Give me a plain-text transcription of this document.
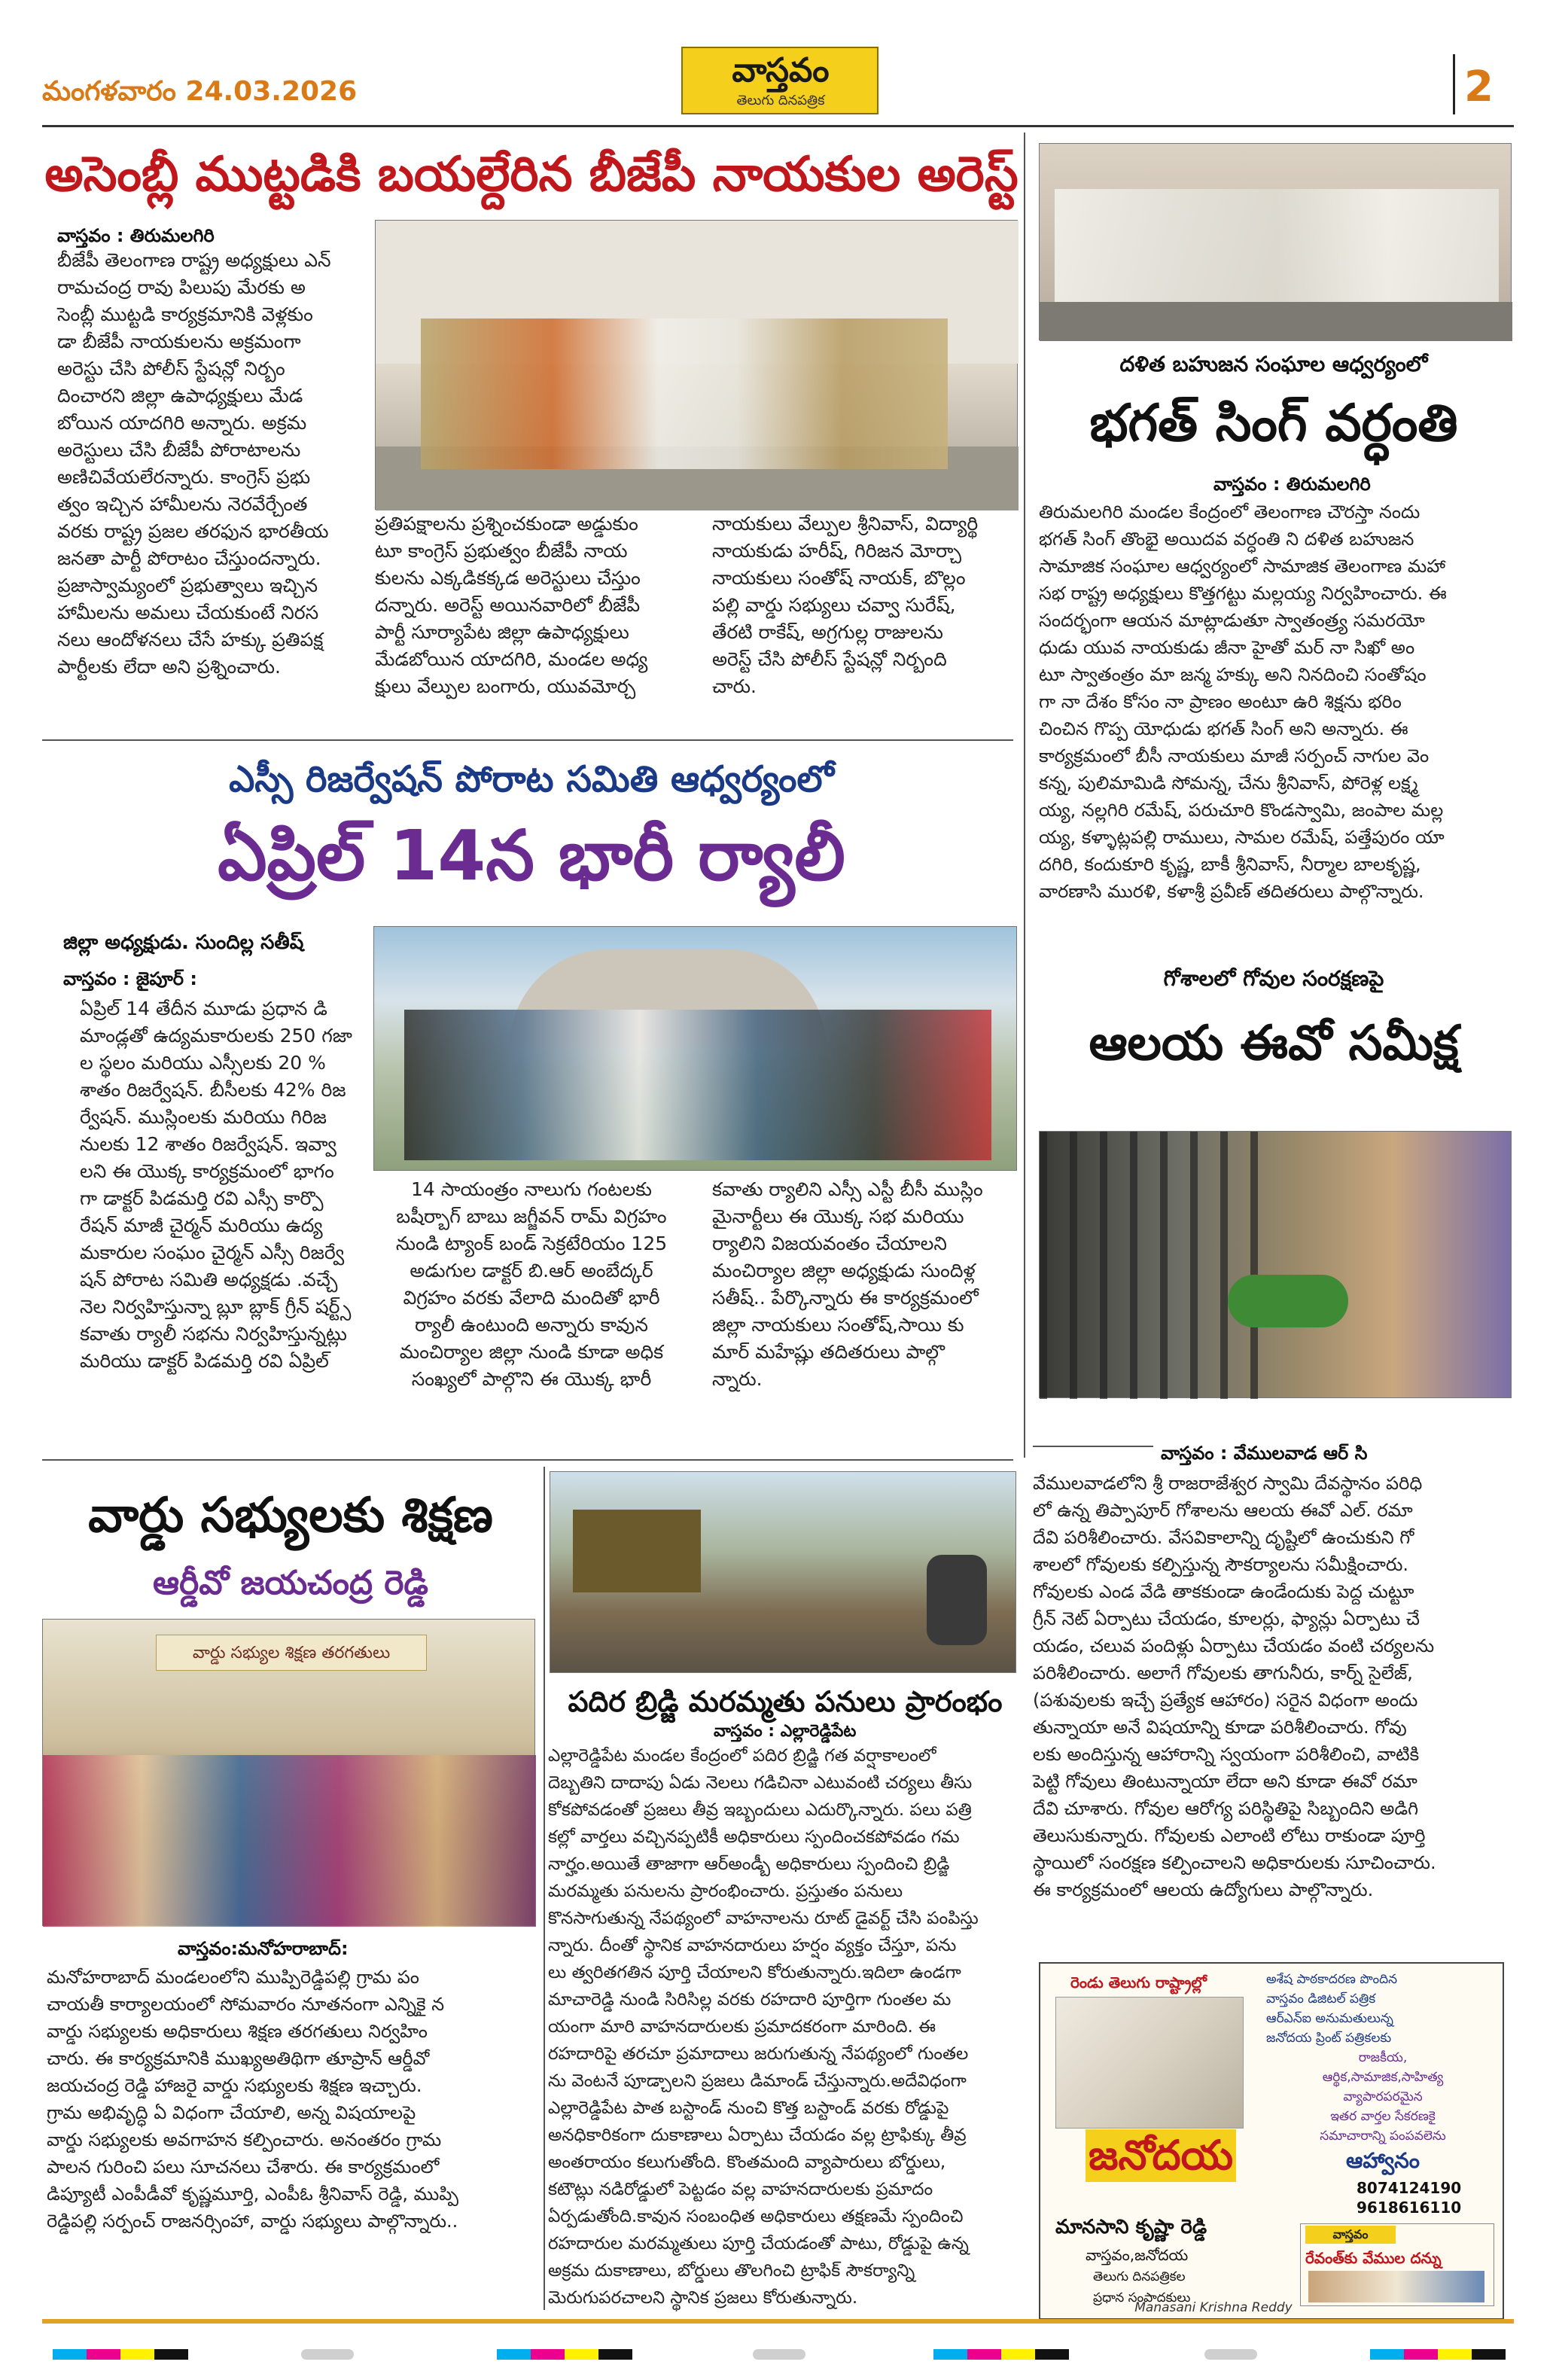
మంగళవారం 24.03.2026
వాస్తవం
తెలుగు దినపత్రిక	2
అసెంబ్లీ ముట్టడికి బయల్దేరిన బీజేపీ నాయకుల అరెస్ట్
వాస్తవం : తిరుమలగిరి
బీజేపీ తెలంగాణ రాష్ట్ర అధ్యక్షులు ఎన్
రామచంద్ర రావు పిలుపు మేరకు అ
సెంబ్లీ ముట్టడి కార్యక్రమానికి వెళ్లకుం
డా బీజేపీ నాయకులను అక్రమంగా
అరెస్టు చేసి పోలీస్ స్టేషన్లో నిర్బం
దించారని జిల్లా ఉపాధ్యక్షులు మేడ
బోయిన యాదగిరి అన్నారు. అక్రమ
అరెస్టులు చేసి బీజేపీ పోరాటాలను
అణిచివేయలేరన్నారు. కాంగ్రెస్ ప్రభు
త్వం ఇచ్చిన హామీలను నెరవేర్చేంత
వరకు రాష్ట్ర ప్రజల తరఫున భారతీయ
జనతా పార్టీ పోరాటం చేస్తుందన్నారు.
ప్రజాస్వామ్యంలో ప్రభుత్వాలు ఇచ్చిన
హామీలను అమలు చేయకుంటే నిరస
నలు ఆందోళనలు చేసే హక్కు ప్రతిపక్ష
పార్టీలకు లేదా అని ప్రశ్నించారు.
ప్రతిపక్షాలను ప్రశ్నించకుండా అడ్డుకుం
టూ కాంగ్రెస్ ప్రభుత్వం బీజేపీ నాయ
కులను ఎక్కడికక్కడ అరెస్టులు చేస్తుం
దన్నారు. అరెస్ట్ అయినవారిలో బీజేపీ
పార్టీ సూర్యాపేట జిల్లా ఉపాధ్యక్షులు
మేడబోయిన యాదగిరి, మండల అధ్య
క్షులు వేల్పుల బంగారు, యువమోర్చ
నాయకులు వేల్పుల శ్రీనివాస్, విద్యార్థి
నాయకుడు హరీష్, గిరిజన మోర్చా
నాయకులు సంతోష్ నాయక్, బొల్లం
పల్లి వార్డు సభ్యులు చవ్వా సురేష్,
తేరటి రాకేష్, అగ్రగుల్ల రాజులను
అరెస్ట్ చేసి పోలీస్ స్టేషన్లో నిర్బంది
చారు.
దళిత బహుజన సంఘాల ఆధ్వర్యంలో
భగత్ సింగ్ వర్ధంతి
వాస్తవం : తిరుమలగిరి
తిరుమలగిరి మండల కేంద్రంలో తెలంగాణ చౌరస్తా నందు
భగత్ సింగ్ తొంభై అయిదవ వర్ధంతి ని దళిత బహుజన
సామాజిక సంఘాల ఆధ్వర్యంలో సామాజిక తెలంగాణ మహా
సభ రాష్ట్ర అధ్యక్షులు కొత్తగట్టు మల్లయ్య నిర్వహించారు. ఈ
సందర్భంగా ఆయన మాట్లాడుతూ స్వాతంత్ర్య సమరయో
ధుడు యువ నాయకుడు జీనా హైతో మర్ నా సిఖో అం
టూ స్వాతంత్రం మా జన్మ హక్కు అని నినదించి సంతోషం
గా నా దేశం కోసం నా ప్రాణం అంటూ ఉరి శిక్షను భరిం
చించిన గొప్ప యోధుడు భగత్ సింగ్ అని అన్నారు. ఈ
కార్యక్రమంలో బీసీ నాయకులు మాజీ సర్పంచ్ నాగుల వెం
కన్న, పులిమామిడి సోమన్న, చేను శ్రీనివాస్, పోరెళ్ల లక్ష్మ
య్య, నల్లగిరి రమేష్, పరుచూరి కొండస్వామి, జంపాల మల్ల
య్య, కళ్ళాట్లపల్లి రాములు, సామల రమేష్, పత్తేపురం యా
దగిరి, కందుకూరి కృష్ణ, బాకీ శ్రీనివాస్, నీర్మాల బాలకృష్ణ,
వారణాసి మురళి, కళాశ్రీ ప్రవీణ్ తదితరులు పాల్గొన్నారు.
ఎస్సీ రిజర్వేషన్ పోరాట సమితి ఆధ్వర్యంలో
ఏప్రిల్ 14న భారీ ర్యాలీ
జిల్లా అధ్యక్షుడు. సుందిల్ల సతీష్
వాస్తవం : జైపూర్ :
ఏప్రిల్ 14 తేదీన మూడు ప్రధాన డి
మాండ్లతో ఉద్యమకారులకు 250 గజా
ల స్థలం మరియు ఎస్సీలకు 20 %
శాతం రిజర్వేషన్. బీసీలకు 42% రిజ
ర్వేషన్. ముస్లింలకు మరియు గిరిజ
నులకు 12 శాతం రిజర్వేషన్. ఇవ్వా
లని ఈ యొక్క కార్యక్రమంలో భాగం
గా డాక్టర్ పిడమర్తి రవి ఎస్సీ కార్పొ
రేషన్ మాజీ చైర్మన్ మరియు ఉద్య
మకారుల సంఘం చైర్మన్ ఎస్సీ రిజర్వే
షన్ పోరాట సమితి అధ్యక్షడు .వచ్చే
నెల నిర్వహిస్తున్నా బ్లూ బ్లాక్ గ్రీన్ షర్ట్స్
కవాతు ర్యాలీ సభను నిర్వహిస్తున్నట్లు
మరియు డాక్టర్ పిడమర్తి రవి ఏప్రిల్
14 సాయంత్రం నాలుగు గంటలకు
బషీర్బాగ్ బాబు జగ్జీవన్ రామ్ విగ్రహం
నుండి ట్యాంక్ బండ్ సెక్రటేరియం 125
అడుగుల డాక్టర్ బి.ఆర్ అంబేద్కర్
విగ్రహం వరకు వేలాది మందితో భారీ
ర్యాలీ ఉంటుంది అన్నారు కావున
మంచిర్యాల జిల్లా నుండి కూడా అధిక
సంఖ్యలో పాల్గొని ఈ యొక్క భారీ
కవాతు ర్యాలిని ఎస్సీ ఎస్టీ బీసీ ముస్లిం
మైనార్టీలు ఈ యొక్క సభ మరియు
ర్యాలిని విజయవంతం చేయాలని
మంచిర్యాల జిల్లా అధ్యక్షుడు సుందిళ్ల
సతీష్.. పేర్కొన్నారు ఈ కార్యక్రమంలో
జిల్లా నాయకులు సంతోష్,సాయి కు
మార్ మహేష్లు తదితరులు పాల్గొ
న్నారు.
గోశాలలో గోవుల సంరక్షణపై
ఆలయ ఈవో సమీక్ష
వాస్తవం : వేములవాడ ఆర్ సి
వేములవాడలోని శ్రీ రాజరాజేశ్వర స్వామి దేవస్థానం పరిధి
లో ఉన్న తిప్పాపూర్ గోశాలను ఆలయ ఈవో ఎల్. రమా
దేవి పరిశీలించారు. వేసవికాలాన్ని దృష్టిలో ఉంచుకుని గో
శాలలో గోవులకు కల్పిస్తున్న సౌకర్యాలను సమీక్షించారు.
గోవులకు ఎండ వేడి తాకకుండా ఉండేందుకు పెద్ద చుట్టూ
గ్రీన్ నెట్ ఏర్పాటు చేయడం, కూలర్లు, ఫ్యాన్లు ఏర్పాటు చే
యడం, చలువ పందిళ్లు ఏర్పాటు చేయడం వంటి చర్యలను
పరిశీలించారు. అలాగే గోవులకు తాగునీరు, కార్న్ సైలేజ్,
(పశువులకు ఇచ్చే ప్రత్యేక ఆహారం) సరైన విధంగా అందు
తున్నాయా అనే విషయాన్ని కూడా పరిశీలించారు. గోవు
లకు అందిస్తున్న ఆహారాన్ని స్వయంగా పరిశీలించి, వాటికి
పెట్టి గోవులు తింటున్నాయా లేదా అని కూడా ఈవో రమా
దేవి చూశారు. గోవుల ఆరోగ్య పరిస్థితిపై సిబ్బందిని అడిగి
తెలుసుకున్నారు. గోవులకు ఎలాంటి లోటు రాకుండా పూర్తి
స్థాయిలో సంరక్షణ కల్పించాలని అధికారులకు సూచించారు.
ఈ కార్యక్రమంలో ఆలయ ఉద్యోగులు పాల్గొన్నారు.
వార్డు సభ్యులకు శిక్షణ
ఆర్డీవో జయచంద్ర రెడ్డి
వార్డు సభ్యుల శిక్షణ తరగతులు
వాస్తవం:మనోహరాబాద్:
మనోహరాబాద్ మండలంలోని ముప్పిరెడ్డిపల్లి గ్రామ పం
చాయతీ కార్యాలయంలో సోమవారం నూతనంగా ఎన్నికై న
వార్డు సభ్యులకు అధికారులు శిక్షణ తరగతులు నిర్వహిం
చారు. ఈ కార్యక్రమానికి ముఖ్యఅతిథిగా తూప్రాన్ ఆర్డీవో
జయచంద్ర రెడ్డి హాజరై వార్డు సభ్యులకు శిక్షణ ఇచ్చారు.
గ్రామ అభివృద్ధి ఏ విధంగా చేయాలి, అన్న విషయాలపై
వార్డు సభ్యులకు అవగాహన కల్పించారు. అనంతరం గ్రామ
పాలన గురించి పలు సూచనలు చేశారు. ఈ కార్యక్రమంలో
డిప్యూటీ ఎంపీడీవో కృష్ణమూర్తి, ఎంపీఓ శ్రీనివాస్ రెడ్డి, ముప్పి
రెడ్డిపల్లి సర్పంచ్ రాజనర్సింహా, వార్డు సభ్యులు పాల్గొన్నారు..
పదిర బ్రిడ్జి మరమ్మతు పనులు ప్రారంభం
వాస్తవం : ఎల్లారెడ్డిపేట
ఎల్లారెడ్డిపేట మండల కేంద్రంలో పదిర బ్రిడ్జి గత వర్షాకాలంలో
దెబ్బతిని దాదాపు ఏడు నెలలు గడిచినా ఎటువంటి చర్యలు తీసు
కోకపోవడంతో ప్రజలు తీవ్ర ఇబ్బందులు ఎదుర్కొన్నారు. పలు పత్రి
కల్లో వార్తలు వచ్చినప్పటికీ అధికారులు స్పందించకపోవడం గమ
నార్హం.అయితే తాజాగా ఆర్అండ్బీ అధికారులు స్పందించి బ్రిడ్జి
మరమ్మతు పనులను ప్రారంభించారు. ప్రస్తుతం పనులు
కొనసాగుతున్న నేపథ్యంలో వాహనాలను రూట్ డైవర్ట్ చేసి పంపిస్తు
న్నారు. దీంతో స్థానిక వాహనదారులు హర్షం వ్యక్తం చేస్తూ, పను
లు త్వరితగతిన పూర్తి చేయాలని కోరుతున్నారు.ఇదిలా ఉండగా
మాచారెడ్డి నుండి సిరిసిల్ల వరకు రహదారి పూర్తిగా గుంతల మ
యంగా మారి వాహనదారులకు ప్రమాదకరంగా మారింది. ఈ
రహదారిపై తరచూ ప్రమాదాలు జరుగుతున్న నేపథ్యంలో గుంతల
ను వెంటనే పూడ్చాలని ప్రజలు డిమాండ్ చేస్తున్నారు.అదేవిధంగా
ఎల్లారెడ్డిపేట పాత బస్టాండ్ నుంచి కొత్త బస్టాండ్ వరకు రోడ్డుపై
అనధికారికంగా దుకాణాలు ఏర్పాటు చేయడం వల్ల ట్రాఫిక్కు తీవ్ర
అంతరాయం కలుగుతోంది. కొంతమంది వ్యాపారులు బోర్డులు,
కటౌట్లు నడిరోడ్డులో పెట్టడం వల్ల వాహనదారులకు ప్రమాదం
ఏర్పడుతోంది.కావున సంబంధిత అధికారులు తక్షణమే స్పందించి
రహదారుల మరమ్మతులు పూర్తి చేయడంతో పాటు, రోడ్డుపై ఉన్న
అక్రమ దుకాణాలు, బోర్డులు తొలగించి ట్రాఫిక్ సౌకర్యాన్ని
మెరుగుపరచాలని స్థానిక ప్రజలు కోరుతున్నారు.
రెండు తెలుగు రాష్ట్రాల్లో	అశేష పాఠకాదరణ పొందిన
వాస్తవం డిజిటల్ పత్రిక
ఆర్ఎన్ఐ అనుమతులున్న
జనోదయ ప్రింట్ పత్రికలకు
రాజకీయ,
ఆర్థిక,సామాజిక,సాహిత్య
వ్యాపారపరమైన
ఇతర వార్తల సేకరణకై
సమాచారాన్ని పంపవలెను
ఆహ్వానం
8074124190
9618616110
జనోదయ
మానసాని కృష్ణా రెడ్డి
వాస్తవం,జనోదయ
తెలుగు దినపత్రికల
ప్రధాన సంపాదకులు
వాస్తవం
రేవంత్‌కు వేముల దన్ను
Manasani Krishna Reddy
